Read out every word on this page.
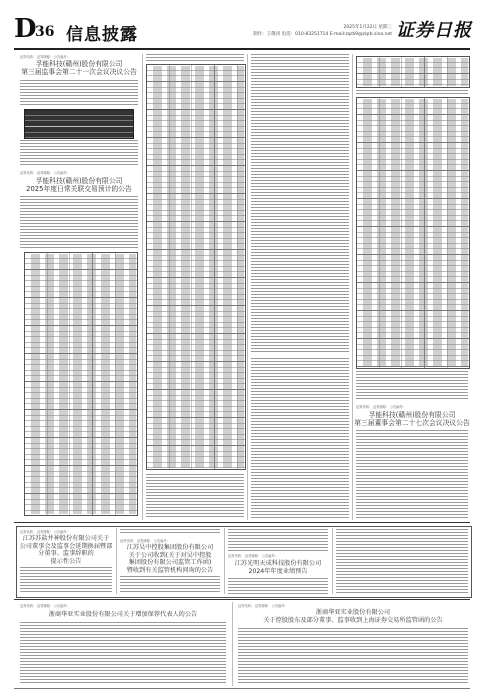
D
36 信息披露	2025年1月22日 星期三
制作：王敬涛 电话：010-83251714 E-mail:zqrb9@zqrb.sina.net 证券日报
证券代码： 证券简称： 公告编号：
孚能科技(赣州)股份有限公司
第三届监事会第二十一次会议决议公告
证券代码： 证券简称： 公告编号：
孚能科技(赣州)股份有限公司
2025年度日常关联交易预计的公告
证券代码： 证券简称： 公告编号：
孚能科技(赣州)股份有限公司
第三届董事会第二十七次会议决议公告
证券代码： 证券简称： 公告编号：
江苏苏盐井神股份有限公司关于
公司董事会及监事会延期换届暨部
分董事、监事辞职的
提示性公告
证券代码： 证券简称： 公告编号：
江苏吴中控股集团股份有限公司
关于公司收到(关于对吴中控股
集团股份有限公司监管工作函)
暨收到有关监管机构问询的公告
证券代码： 证券简称： 公告编号：
江苏光明天成科技股份有限公司
2024年年度业绩预告
证券代码： 证券简称： 公告编号：
浙商华亚实业股份有限公司关于增加保荐代表人的公告
证券代码： 证券简称： 公告编号：
浙商华亚实业股份有限公司
关于控股股东及部分董事、监事收到上海证券交易所监管函的公告
